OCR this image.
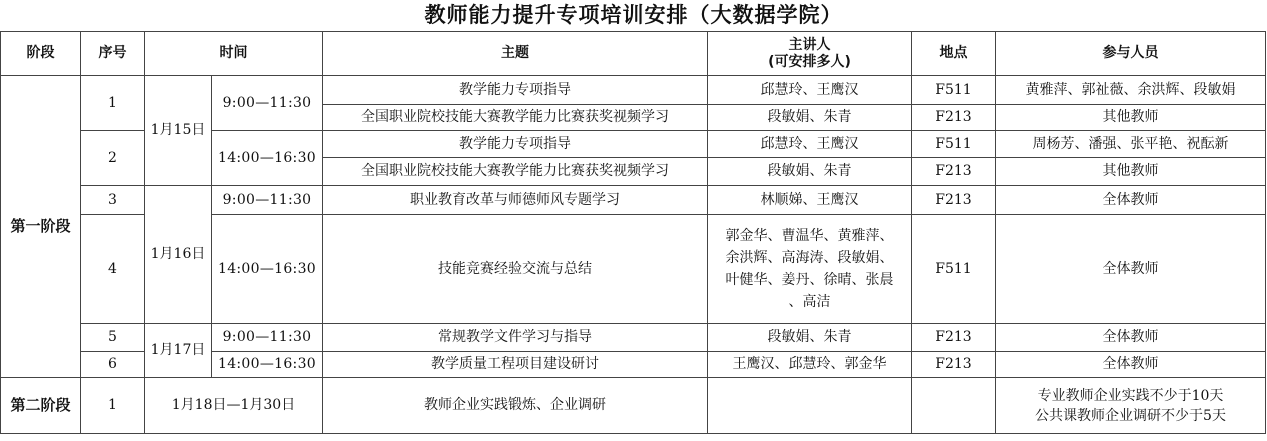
教师能力提升专项培训安排（大数据学院）
阶段	序号	时间		主题	主讲人
(可安排多人)	地点	参与人员
第一阶段	1	1月15日	9:00—11:30	教学能力专项指导	邱慧玲、王鹰汉	F511	黄雅萍、郭祉薇、余洪辉、段敏娟
				全国职业院校技能大赛教学能力比赛获奖视频学习	段敏娟、朱青	F213	其他教师
	2		14:00—16:30	教学能力专项指导	邱慧玲、王鹰汉	F511	周杨芳、潘强、张平艳、祝酝新
				全国职业院校技能大赛教学能力比赛获奖视频学习	段敏娟、朱青	F213	其他教师
	3	1月16日	9:00—11:30	职业教育改革与师德师风专题学习	林顺娣、王鹰汉	F213	全体教师
	4		14:00—16:30	技能竞赛经验交流与总结	郭金华、曹温华、黄雅萍、
余洪辉、高海涛、段敏娟、
叶健华、姜丹、徐晴、张晨
、高洁	F511	全体教师
	5	1月17日	9:00—11:30	常规教学文件学习与指导	段敏娟、朱青	F213	全体教师
	6		14:00—16:30	教学质量工程项目建设研讨	王鹰汉、邱慧玲、郭金华	F213	全体教师
第二阶段	1	1月18日—1月30日		教师企业实践锻炼、企业调研			专业教师企业实践不少于10天
公共课教师企业调研不少于5天
